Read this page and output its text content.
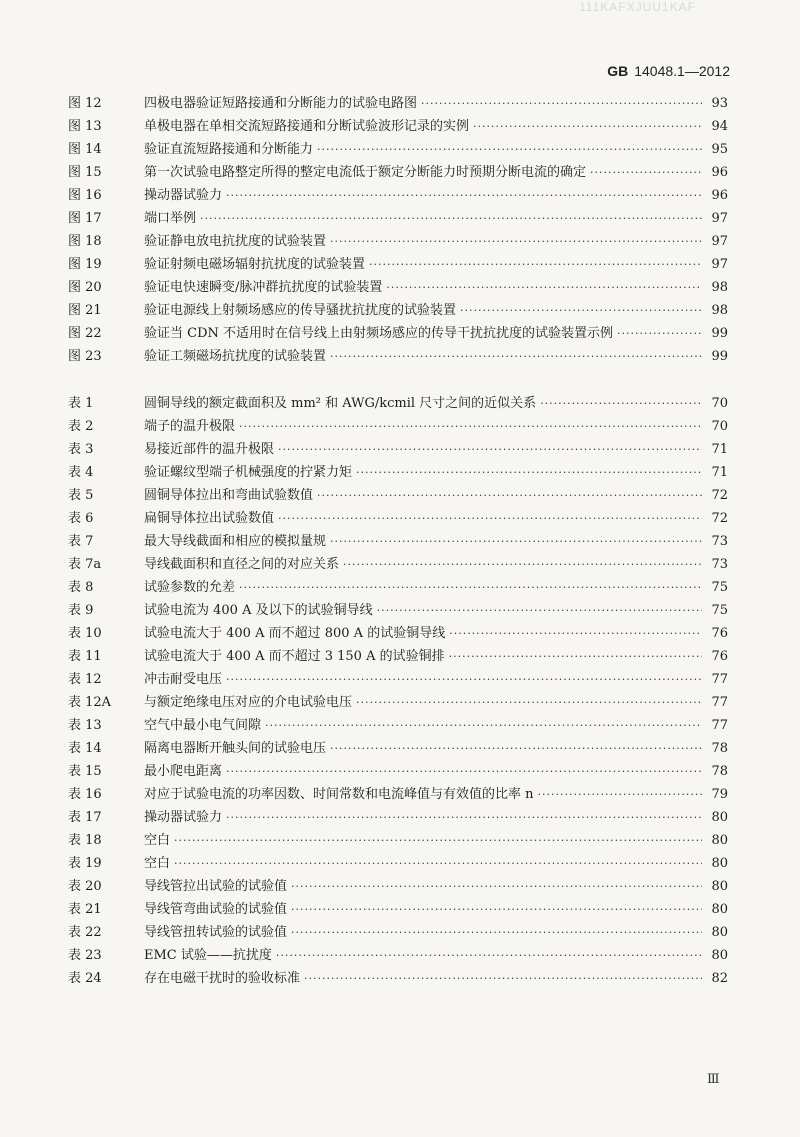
111KAFXJUU1KAF
GB 14048.1—2012
图 12	四极电器验证短路接通和分断能力的试验电路图 ·····	93
图 13	单极电器在单相交流短路接通和分断试验波形记录的实例 ·····	94
图 14	验证直流短路接通和分断能力 ·····	95
图 15	第一次试验电路整定所得的整定电流低于额定分断能力时预期分断电流的确定 ·····	96
图 16	操动器试验力 ·····	96
图 17	端口举例 ·····	97
图 18	验证静电放电抗扰度的试验装置 ·····	97
图 19	验证射频电磁场辐射抗扰度的试验装置 ·····	97
图 20	验证电快速瞬变/脉冲群抗扰度的试验装置 ·····	98
图 21	验证电源线上射频场感应的传导骚扰抗扰度的试验装置 ·····	98
图 22	验证当 CDN 不适用时在信号线上由射频场感应的传导干扰抗扰度的试验装置示例 ·····	99
图 23	验证工频磁场抗扰度的试验装置 ·····	99
表 1	圆铜导线的额定截面积及 mm² 和 AWG/kcmil 尺寸之间的近似关系 ·····	70
表 2	端子的温升极限 ·····	70
表 3	易接近部件的温升极限 ·····	71
表 4	验证螺纹型端子机械强度的拧紧力矩 ·····	71
表 5	圆铜导体拉出和弯曲试验数值 ·····	72
表 6	扁铜导体拉出试验数值 ·····	72
表 7	最大导线截面和相应的模拟量规 ·····	73
表 7a	导线截面积和直径之间的对应关系 ·····	73
表 8	试验参数的允差 ·····	75
表 9	试验电流为 400 A 及以下的试验铜导线 ·····	75
表 10	试验电流大于 400 A 而不超过 800 A 的试验铜导线 ·····	76
表 11	试验电流大于 400 A 而不超过 3 150 A 的试验铜排 ·····	76
表 12	冲击耐受电压 ·····	77
表 12A	与额定绝缘电压对应的介电试验电压 ·····	77
表 13	空气中最小电气间隙 ·····	77
表 14	隔离电器断开触头间的试验电压 ·····	78
表 15	最小爬电距离 ·····	78
表 16	对应于试验电流的功率因数、时间常数和电流峰值与有效值的比率 n ·····	79
表 17	操动器试验力 ·····	80
表 18	空白 ·····	80
表 19	空白 ·····	80
表 20	导线管拉出试验的试验值 ·····	80
表 21	导线管弯曲试验的试验值 ·····	80
表 22	导线管扭转试验的试验值 ·····	80
表 23	EMC 试验——抗扰度 ·····	80
表 24	存在电磁干扰时的验收标准 ·····	82
Ⅲ
